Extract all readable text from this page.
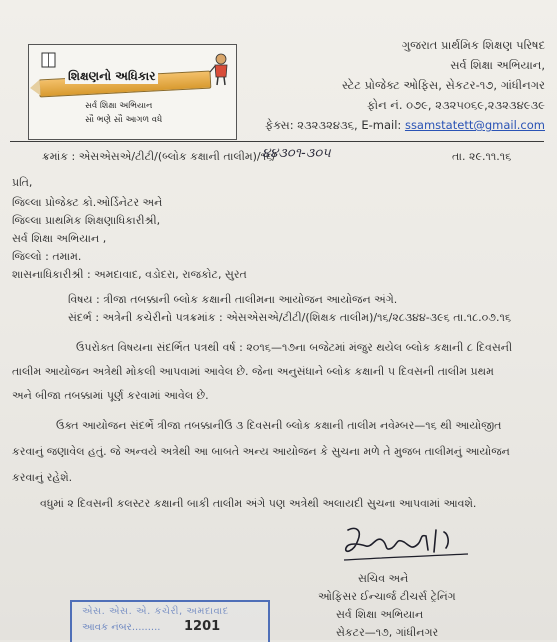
શિક્ષણનો અધિકાર
સર્વ શિક્ષા અભિયાન
સૌ ભણે સૌ આગળ વધે
ગુજરાત પ્રાર્થમિક શિક્ષણ પરિષદ
સર્વ શિક્ષા અભિયાન,
સ્ટેટ પ્રોજેક્ટ ઓફિસ, સેકટર-૧૭, ગાંધીનગર
ફોન નં. ૦૭૯, ૨૩૨૫૦૬૯,૨૩૨૩૪૯૩૯
ફેક્સ: ૨૩૨૩૨૪૩૬, E-mail: ssamstatett@gmail.com
ક્રમાંક : એસએસએ/ટીટી/(બ્લોક કક્ષાની તાલીમ)/૧૬/
૪૪૩૦૧-૩૦૫	તા. ૨૯.૧૧.૧૬
પ્રતિ,
જિલ્લા પ્રોજેક્ટ કો.ઓર્ડિનેટર અને
જિલ્લા પ્રાથમિક શિક્ષણાધિકારીશ્રી,
સર્વ શિક્ષા અભિયાન ,
જિલ્લો : તમામ.
શાસનાધિકારીશ્રી : અમદાવાદ, વડોદરા, રાજકોટ, સુરત
વિષય : ત્રીજા તબક્કાની બ્લોક કક્ષાની તાલીમના આયોજન આયોજન અંગે.
સંદર્ભ : અત્રેની કચેરીનો પત્રક્રમાંક : એસએસએ/ટીટી/(શિક્ષક તાલીમ)/૧૬/૨૮૩૪૪-૩૯૬ તા.૧૮.૦૭.૧૬
ઉપરોક્ત વિષયના સંદર્ભિત પત્રથી વર્ષ : ૨૦૧૬—૧૭ના બજેટમાં મંજુર થયેલ બ્લોક કક્ષાની ૮ દિવસની
તાલીમ આયોજન અત્રેથી મોકલી આપવામાં આવેલ છે. જેના અનુસંધાને બ્લોક કક્ષાની ૫ દિવસની તાલીમ પ્રથમ
અને બીજા તબક્કામાં પૂર્ણ કરવામાં આવેલ છે.
ઉક્ત આયોજન સંદર્ભે ત્રીજા તબક્કાનીઉ ૩ દિવસની બ્લોક કક્ષાની તાલીમ નવેમ્બર—૧૬ થી આયોજીત
કરવાનું જણાવેલ હતું. જે અન્વયે અત્રેથી આ બાબતે અન્ય આયોજન કે સુચના મળે તે મુજબ તાલીમનું આયોજન
કરવાનું રહેશે.
વધુમાં ૨ દિવસની કલસ્ટર કક્ષાની બાકી તાલીમ અંગે પણ અત્રેથી અલાયદી સુચના આપવામાં આવશે.
સચિવ અને
ઓફિસર ઈન્ચાર્જ ટીચર્સ ટ્રેનિંગ
સર્વ શિક્ષા અભિયાન
સેકટર—૧૭, ગાંધીનગર
એસ. એસ. એ. કચેરી, અમદાવાદ
આવક નંબર......... 1201
